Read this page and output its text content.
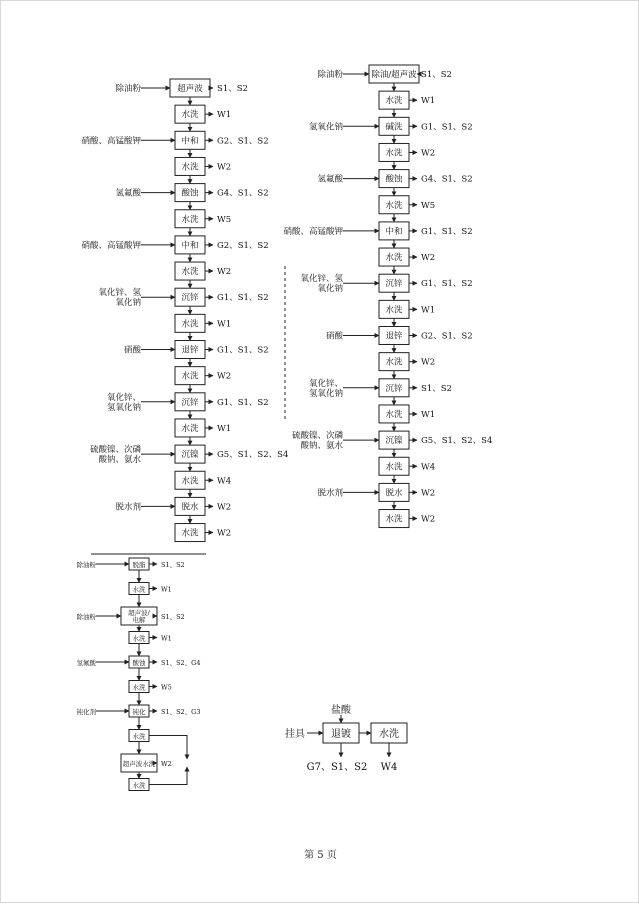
超声波 S1、S2
除油粉
水洗 W1
中和 G2、S1、S2
硝酸、高锰酸钾
水洗 W2
酸蚀 G4、S1、S2
氢氟酸
水洗 W5
中和 G2、S1、S2
硝酸、高锰酸钾
水洗 W2
沉锌 G1、S1、S2
氧化锌、氢
氧化钠
水洗 W1
退锌 G1、S1、S2
硝酸
水洗 W2
沉锌 G1、S1、S2
氧化锌、
氢氧化钠
水洗 W1
沉镍 G5、S1、S2、S4
硫酸镍、次磷
酸钠、氨水
水洗 W4
脱水 W2
脱水剂
水洗 W2
除油/超声波 S1、S2
除油粉
水洗 W1
碱洗 G1、S1、S2
氢氧化钠
水洗 W2
酸蚀 G4、S1、S2
氢氟酸
水洗 W5
中和 G1、S1、S2
硝酸、高锰酸钾
水洗 W2
沉锌 G1、S1、S2
氧化锌、氢
氧化钠
水洗 W1
退锌 G2、S1、S2
硝酸
水洗 W2
沉锌 S1、S2
氧化锌、
氢氧化钠
水洗 W1
沉镍 G5、S1、S2、S4
硫酸镍、次磷
酸钠、氨水
水洗 W4
脱水 W2
脱水剂
水洗 W2
脱脂 S1、S2
除油粉
水洗 W1
超声波/
电解 S1、S2
除油粉
水洗 W1
酸蚀 S1、S2、G4
氢氟酸
水洗 W5
钝化 S1、S2、G3
钝化剂
水洗
超声波水洗 W2
水洗
退镀	水洗
盐酸
挂具
G7、S1、S2 W4
第 5 页
